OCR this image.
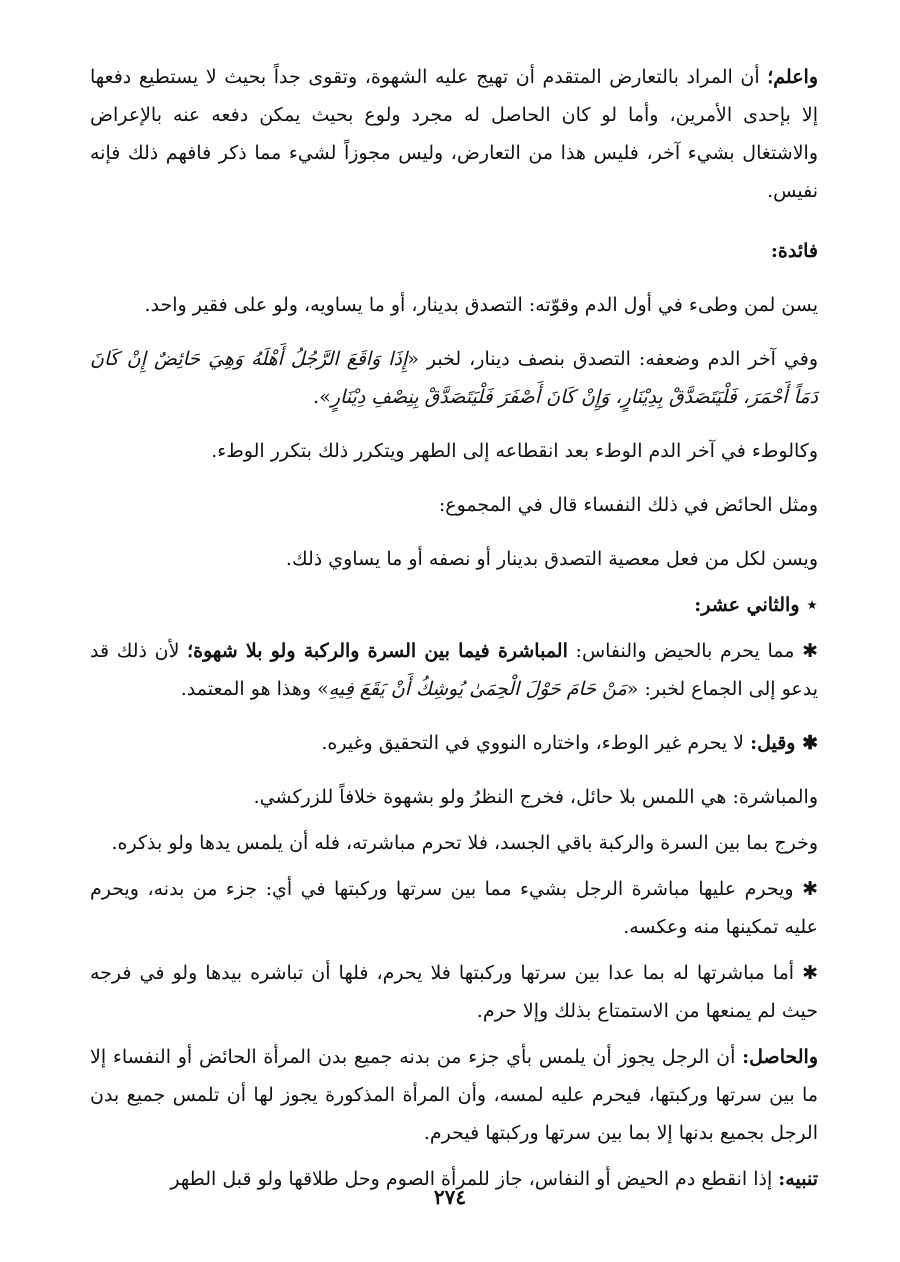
واعلم؛ أن المراد بالتعارض المتقدم أن تهيج عليه الشهوة، وتقوى جداً بحيث لا يستطيع دفعها إلا بإحدى الأمرين، وأما لو كان الحاصل له مجرد ولوع بحيث يمكن دفعه عنه بالإعراض والاشتغال بشيء آخر، فليس هذا من التعارض، وليس مجوزاً لشيء مما ذكر فافهم ذلك فإنه نفيس.

فائدة:

يسن لمن وطىء في أول الدم وقوّته: التصدق بدينار، أو ما يساويه، ولو على فقير واحد.

وفي آخر الدم وضعفه: التصدق بنصف دينار، لخبر «إِذَا وَاقَعَ الرَّجُلُ أَهْلَهُ وَهِيَ حَائِضٌ إِنْ كَانَ دَمَاً أَحْمَرَ، فَلْيَتَصَدَّقْ بِدِيْنَارٍ، وَإِنْ كَانَ أَصْفَرَ فَلْيَتَصَدَّقْ بِنِصْفِ دِيْنَارٍ».

وكالوطء في آخر الدم الوطء بعد انقطاعه إلى الطهر ويتكرر ذلك بتكرر الوطء.

ومثل الحائض في ذلك النفساء قال في المجموع:

ويسن لكل من فعل معصية التصدق بدينار أو نصفه أو ما يساوي ذلك.

⋆ والثاني عشر:

✱ مما يحرم بالحيض والنفاس: المباشرة فيما بين السرة والركبة ولو بلا شهوة؛ لأن ذلك قد يدعو إلى الجماع لخبر: «مَنْ حَامَ حَوْلَ الْحِمَىٰ يُوشِكُ أَنْ يَقَعَ فِيهِ» وهذا هو المعتمد.

✱ وقيل: لا يحرم غير الوطء، واختاره النووي في التحقيق وغيره.

والمباشرة: هي اللمس بلا حائل، فخرج النظرُ ولو بشهوة خلافاً للزركشي.

وخرج بما بين السرة والركبة باقي الجسد، فلا تحرم مباشرته، فله أن يلمس يدها ولو بذكره.

✱ ويحرم عليها مباشرة الرجل بشيء مما بين سرتها وركبتها في أي: جزء من بدنه، ويحرم عليه تمكينها منه وعكسه.

✱ أما مباشرتها له بما عدا بين سرتها وركبتها فلا يحرم، فلها أن تباشره بيدها ولو في فرجه حيث لم يمنعها من الاستمتاع بذلك وإلا حرم.

والحاصل: أن الرجل يجوز أن يلمس بأي جزء من بدنه جميع بدن المرأة الحائض أو النفساء إلا ما بين سرتها وركبتها، فيحرم عليه لمسه، وأن المرأة المذكورة يجوز لها أن تلمس جميع بدن الرجل بجميع بدنها إلا بما بين سرتها وركبتها فيحرم.

تنبيه: إذا انقطع دم الحيض أو النفاس، جاز للمرأة الصوم وحل طلاقها ولو قبل الطهر

٢٧٤
